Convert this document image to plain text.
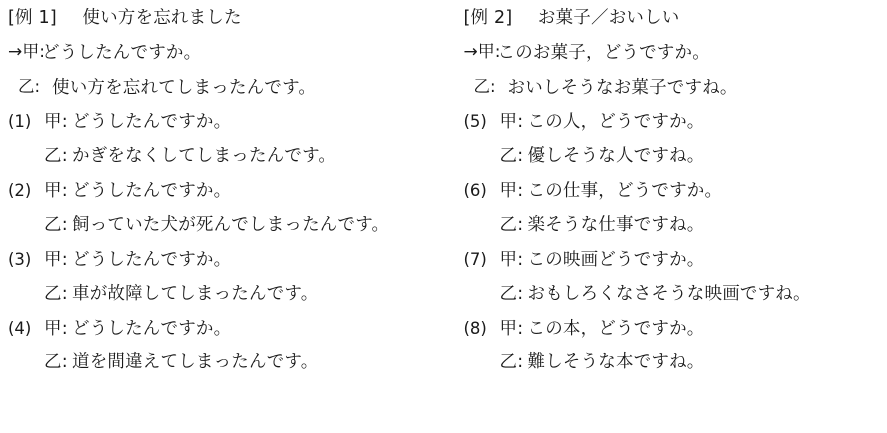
[例 1] 使い方を忘れました
→甲:
どうしたんですか。
乙: 使い方を忘れてしまったんです。
(1) 甲: どうしたんですか。
乙: かぎをなくしてしまったんです。
(2) 甲: どうしたんですか。
乙: 飼っていた犬が死んでしまったんです。
(3) 甲: どうしたんですか。
乙: 車が故障してしまったんです。
(4) 甲: どうしたんですか。
乙: 道を間違えてしまったんです。
[例 2] お菓子／おいしい
→甲:
このお菓子，どうですか。
乙: おいしそうなお菓子ですね。
(5) 甲: この人，どうですか。
乙: 優しそうな人ですね。
(6) 甲: この仕事，どうですか。
乙: 楽そうな仕事ですね。
(7) 甲: この映画どうですか。
乙: おもしろくなさそうな映画ですね。
(8) 甲: この本，どうですか。
乙: 難しそうな本ですね。
